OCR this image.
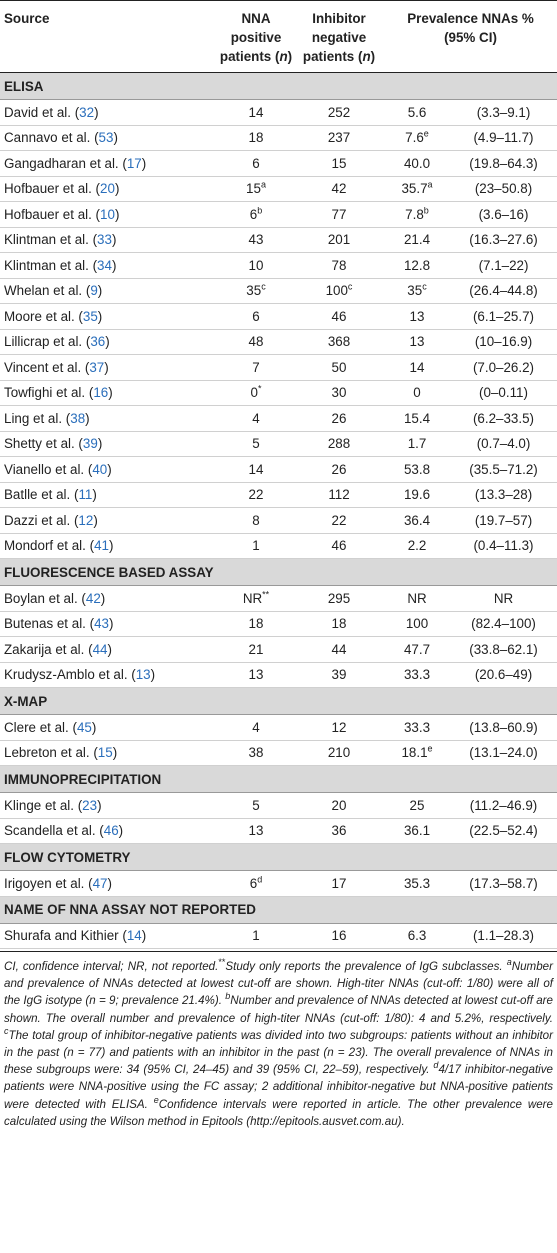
Source	NNA
positive
patients (n)	Inhibitor
negative
patients (n)	Prevalence NNAs %
(95% CI)	
ELISA				
David et al. (32)	14	252	5.6	(3.3–9.1)
Cannavo et al. (53)	18	237	7.6e	(4.9–11.7)
Gangadharan et al. (17)	6	15	40.0	(19.8–64.3)
Hofbauer et al. (20)	15$^a$	42	35.7$^a$	(23–50.8)
Hofbauer et al. (10)	6$^b$	77	7.8$^b$	(3.6–16)
Klintman et al. (33)	43	201	21.4	(16.3–27.6)
Klintman et al. (34)	10	78	12.8	(7.1–22)
Whelan et al. (9)	35$^c$	100$^c$	35$^c$	(26.4–44.8)
Moore et al. (35)	6	46	13	(6.1–25.7)
Lillicrap et al. (36)	48	368	13	(10–16.9)
Vincent et al. (37)	7	50	14	(7.0–26.2)
Towfighi et al. (16)	0*	30	0	(0–0.11)
Ling et al. (38)	4	26	15.4	(6.2–33.5)
Shetty et al. (39)	5	288	1.7	(0.7–4.0)
Vianello et al. (40)	14	26	53.8	(35.5–71.2)
Batlle et al. (11)	22	112	19.6	(13.3–28)
Dazzi et al. (12)	8	22	36.4	(19.7–57)
Mondorf et al. (41)	1	46	2.2	(0.4–11.3)
FLUORESCENCE BASED ASSAY				
Boylan et al. (42)	NR**	295	NR	NR
Butenas et al. (43)	18	18	100	(82.4–100)
Zakarija et al. (44)	21	44	47.7	(33.8–62.1)
Krudysz-Amblo et al. (13)	13	39	33.3	(20.6–49)
X-MAP				
Clere et al. (45)	4	12	33.3	(13.8–60.9)
Lebreton et al. (15)	38	210	18.1e	(13.1–24.0)
IMMUNOPRECIPITATION				
Klinge et al. (23)	5	20	25	(11.2–46.9)
Scandella et al. (46)	13	36	36.1	(22.5–52.4)
FLOW CYTOMETRY				
Irigoyen et al. (47)	6$^d$	17	35.3	(17.3–58.7)
NAME OF NNA ASSAY NOT REPORTED				
Shurafa and Kithier (14)	1	16	6.3	(1.1–28.3)

CI, confidence interval; NR, not reported.**Study only reports the prevalence of IgG subclasses. $^a$Number and prevalence of NNAs detected at lowest cut-off are shown. High-titer NNAs (cut-off: 1/80) were all of the IgG isotype (n = 9; prevalence 21.4%). $^b$Number and prevalence of NNAs detected at lowest cut-off are shown. The overall number and prevalence of high-titer NNAs (cut-off: 1/80): 4 and 5.2%, respectively. $^c$The total group of inhibitor-negative patients was divided into two subgroups: patients without an inhibitor in the past (n = 77) and patients with an inhibitor in the past (n = 23). The overall prevalence of NNAs in these subgroups were: 34 (95% CI, 24–45) and 39 (95% CI, 22–59), respectively. $^d$4/17 inhibitor-negative patients were NNA-positive using the FC assay; 2 additional inhibitor-negative but NNA-positive patients were detected with ELISA. $^e$Confidence intervals were reported in article. The other prevalence were calculated using the Wilson method in Epitools (http://epitools.ausvet.com.au).
